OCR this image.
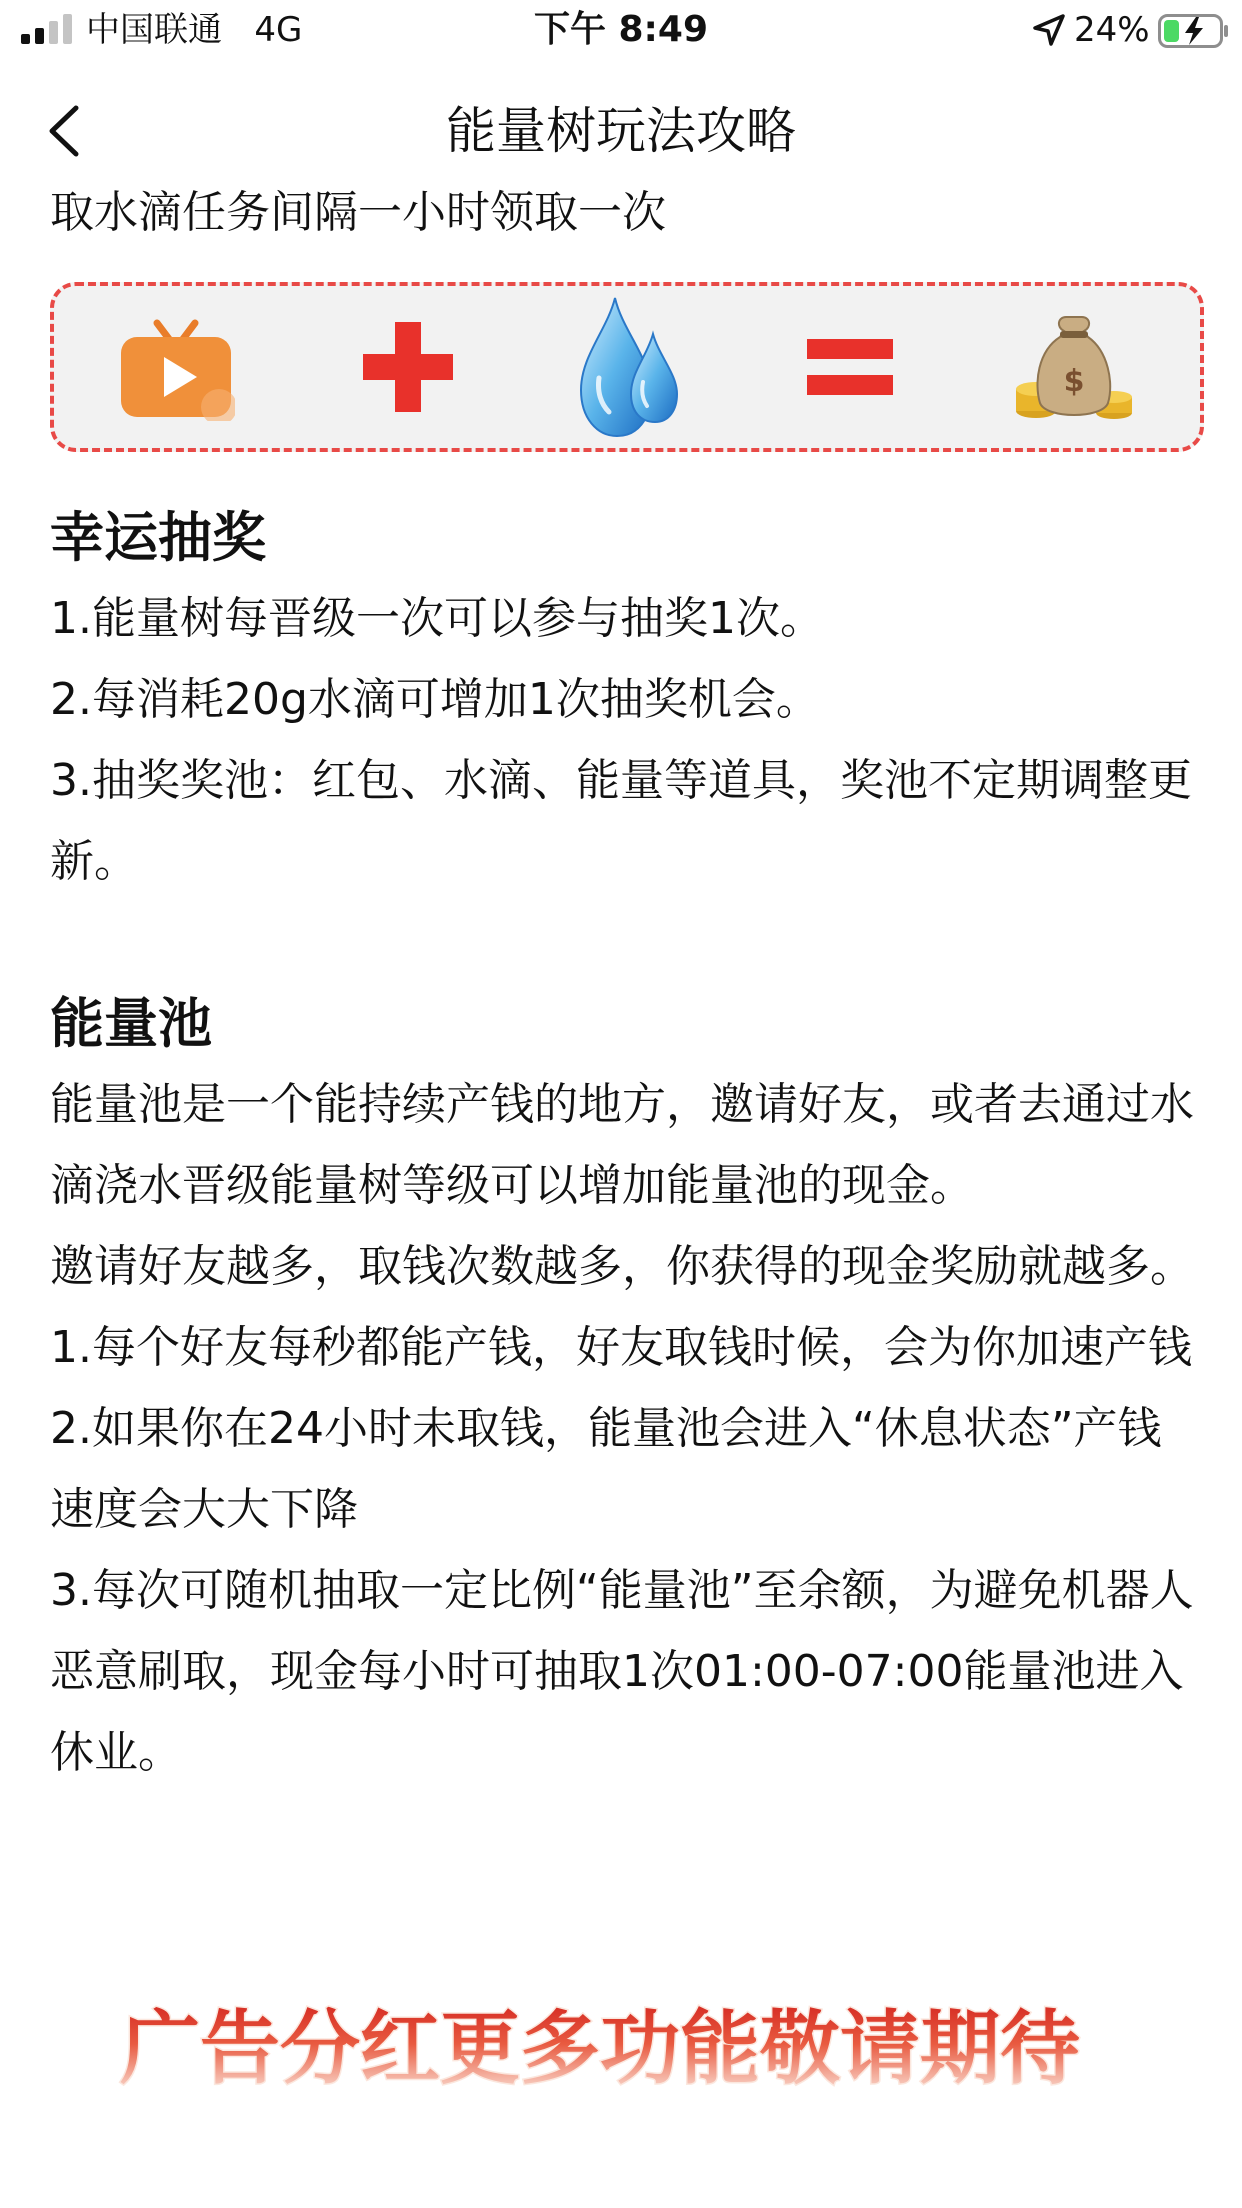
中国联通   4G	下午 8:49	24%
能量树玩法攻略

取水滴任务间隔一小时领取一次

$
幸运抽奖

1.能量树每晋级一次可以参与抽奖1次。

2.每消耗20g水滴可增加1次抽奖机会。

3.抽奖奖池：红包、水滴、能量等道具，奖池不定期调整更新。

能量池

能量池是一个能持续产钱的地方，邀请好友，或者去通过水滴浇水晋级能量树等级可以增加能量池的现金。

邀请好友越多，取钱次数越多，你获得的现金奖励就越多。

1.每个好友每秒都能产钱，好友取钱时候，会为你加速产钱

2.如果你在24小时未取钱，能量池会进入“休息状态”产钱速度会大大下降

3.每次可随机抽取一定比例“能量池”至余额，为避免机器人恶意刷取，现金每小时可抽取1次01:00-07:00能量池进入休业。

广告分红更多功能敬请期待
